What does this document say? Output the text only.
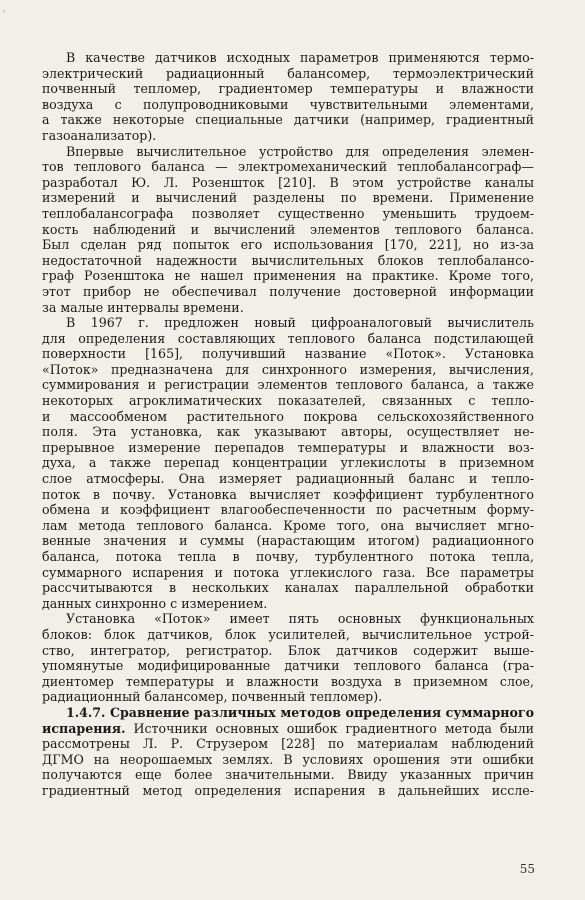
◦
В качестве датчиков исходных параметров применяются термо-
электрический радиационный балансомер, термоэлектрический
почвенный тепломер, градиентомер температуры и влажности
воздуха с полупроводниковыми чувствительными элементами,
а также некоторые специальные датчики (например, градиентный
газоанализатор).
Впервые вычислительное устройство для определения элемен-
тов теплового баланса — электромеханический теплобалансограф—
разработал Ю. Л. Розеншток [210]. В этом устройстве каналы
измерений и вычислений разделены по времени. Применение
теплобалансографа позволяет существенно уменьшить трудоем-
кость наблюдений и вычислений элементов теплового баланса.
Был сделан ряд попыток его использования [170, 221], но из-за
недостаточной надежности вычислительных блоков теплобалансо-
граф Розенштока не нашел применения на практике. Кроме того,
этот прибор не обеспечивал получение достоверной информации
за малые интервалы времени.
В 1967 г. предложен новый цифроаналоговый вычислитель
для определения составляющих теплового баланса подстилающей
поверхности [165], получивший название «Поток». Установка
«Поток» предназначена для синхронного измерения, вычисления,
суммирования и регистрации элементов теплового баланса, а также
некоторых агроклиматических показателей, связанных с тепло-
и массообменом растительного покрова сельскохозяйственного
поля. Эта установка, как указывают авторы, осуществляет не-
прерывное измерение перепадов температуры и влажности воз-
духа, а также перепад концентрации углекислоты в приземном
слое атмосферы. Она измеряет радиационный баланс и тепло-
поток в почву. Установка вычисляет коэффициент турбулентного
обмена и коэффициент влагообеспеченности по расчетным форму-
лам метода теплового баланса. Кроме того, она вычисляет мгно-
венные значения и суммы (нарастающим итогом) радиационного
баланса, потока тепла в почву, турбулентного потока тепла,
суммарного испарения и потока углекислого газа. Все параметры
рассчитываются в нескольких каналах параллельной обработки
данных синхронно с измерением.
Установка «Поток» имеет пять основных функциональных
блоков: блок датчиков, блок усилителей, вычислительное устрой-
ство, интегратор, регистратор. Блок датчиков содержит выше-
упомянутые модифицированные датчики теплового баланса (гра-
диентомер температуры и влажности воздуха в приземном слое,
радиационный балансомер, почвенный тепломер).
1.4.7. Сравнение различных методов определения суммарного
испарения. Источники основных ошибок градиентного метода были
рассмотрены Л. Р. Струзером [228] по материалам наблюдений
ДГМО на неорошаемых землях. В условиях орошения эти ошибки
получаются еще более значительными. Ввиду указанных причин
градиентный метод определения испарения в дальнейших иссле-
55
